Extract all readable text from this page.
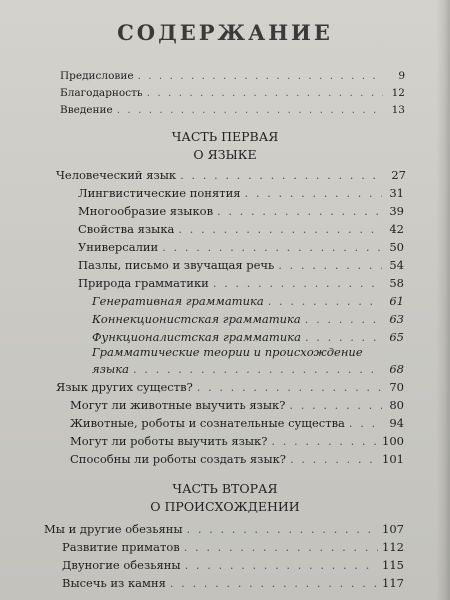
СОДЕРЖАНИЕ
Предисловие . . .	9
Благодарность . . .	12
Введение . . .	13
ЧАСТЬ ПЕРВАЯ
О ЯЗЫКЕ
Человеческий язык . . .	27
Лингвистические понятия . . .	31
Многообразие языков . . .	39
Свойства языка . . .	42
Универсалии . . .	50
Пазлы, письмо и звучащая речь . . .	54
Природа грамматики . . .	58
Генеративная грамматика . . .	61
Коннекционистская грамматика . . .	63
Функционалистская грамматика . . .	65
Грамматические теории и происхождение
языка . . .	68
Язык других существ? . . .	70
Могут ли животные выучить язык? . . .	80
Животные, роботы и сознательные существа . . .	94
Могут ли роботы выучить язык? . . .	100
Способны ли роботы создать язык? . . .	101
ЧАСТЬ ВТОРАЯ
О ПРОИСХОЖДЕНИИ
Мы и другие обезьяны . . .	107
Развитие приматов . . .	112
Двуногие обезьяны . . .	115
Высечь из камня . . .	117
